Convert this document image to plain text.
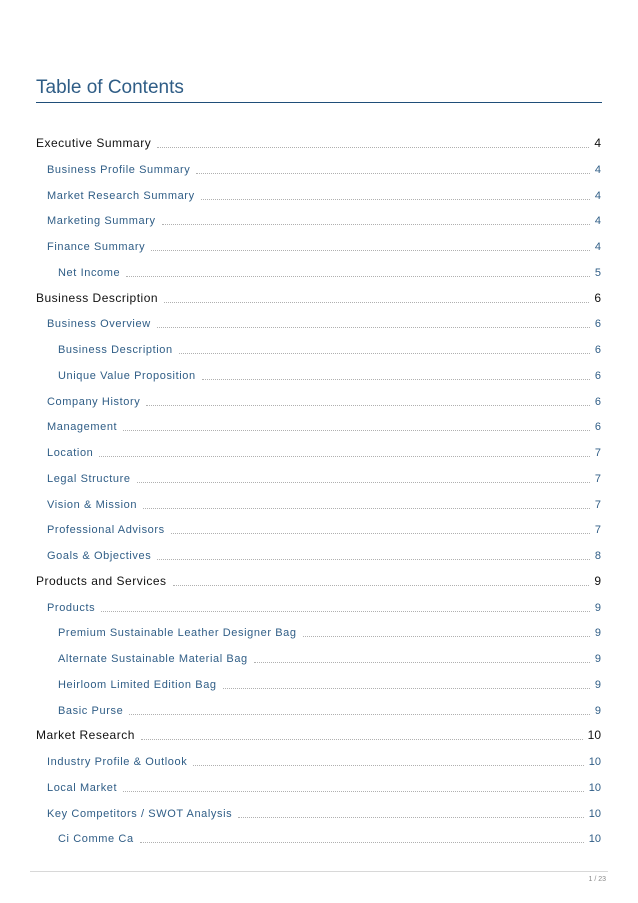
Table of Contents
Executive Summary	4
Business Profile Summary	4
Market Research Summary	4
Marketing Summary	4
Finance Summary	4
Net Income	5
Business Description	6
Business Overview	6
Business Description	6
Unique Value Proposition	6
Company History	6
Management	6
Location	7
Legal Structure	7
Vision & Mission	7
Professional Advisors	7
Goals & Objectives	8
Products and Services	9
Products	9
Premium Sustainable Leather Designer Bag	9
Alternate Sustainable Material Bag	9
Heirloom Limited Edition Bag	9
Basic Purse	9
Market Research	10
Industry Profile & Outlook	10
Local Market	10
Key Competitors / SWOT Analysis	10
Ci Comme Ca	10
1 / 23
